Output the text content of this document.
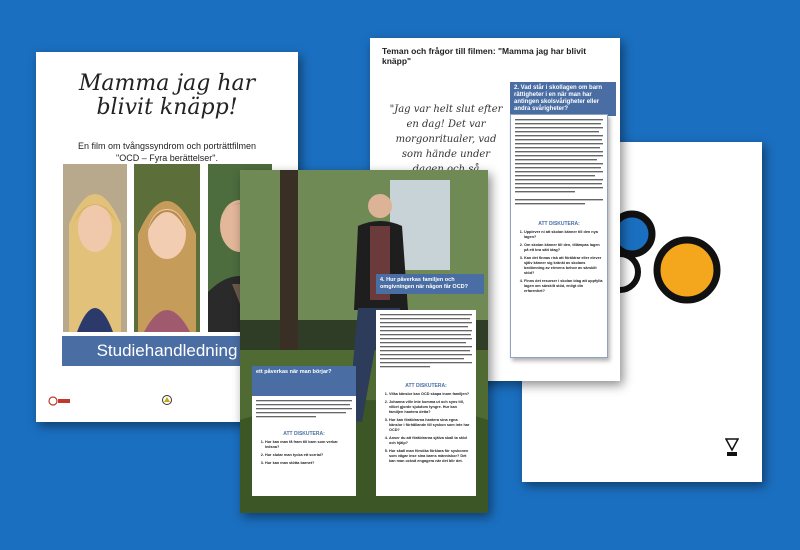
Teman och frågor till filmen: "Mamma jag har blivit knäpp"
"Jag var helt slut efter en dag! Det var morgonritualer, vad som hände under
2. Vad står i skollagen om barn rättigheter i en när man har antingen skolsvårigheter eller andra svårigheter?
ATT DISKUTERA:
1. Upplever ni att skolan känner till den nya lagen?
2. Om skolan känner till den, tillämpas lagen på ett bra sätt idag?
3. Kan det finnas risk att föräldrar eller elever själv känner sig kränkt av skolans bedömning av elevens behov av särskilt stöd?
4. Finns det resurser i skolan idag att uppfylla lagen om särskilt stöd, enligt din erfarenhet?
Mamma jag har
blivit knäpp!
En film om tvångssyndrom och porträttfilmen
"OCD – Fyra berättelser".
Studiehandledning
4. Hur påverkas familjen och omgivningen när någon får OCD?
ATT DISKUTERA:
1. Vilka känslor kan OCD skapa inom familjen?
2. Johanna ville inte komma ut och syns till, vilket gjorde sjukdom tyngre. Hur kan familjen hantera detta?
3. Hur kan föräldrarna hantera sina egna känslor i förhållande till syskon som inte har OCD?
4. Anser du att föräldrarna själva skall ta stöd och hjälp?
5. Hur skall man försöka förklara för syskonen som vågar inse sina barns människor? Det kan man också engagera när det blir det.
ett påverkas när man börjar?
ATT DISKUTERA:
1. Hur kan man få fram till barn som verkar ledsna?
2. Hur slutar man tycka ett sorrial?
3. Hur kan man stötta barnet?
